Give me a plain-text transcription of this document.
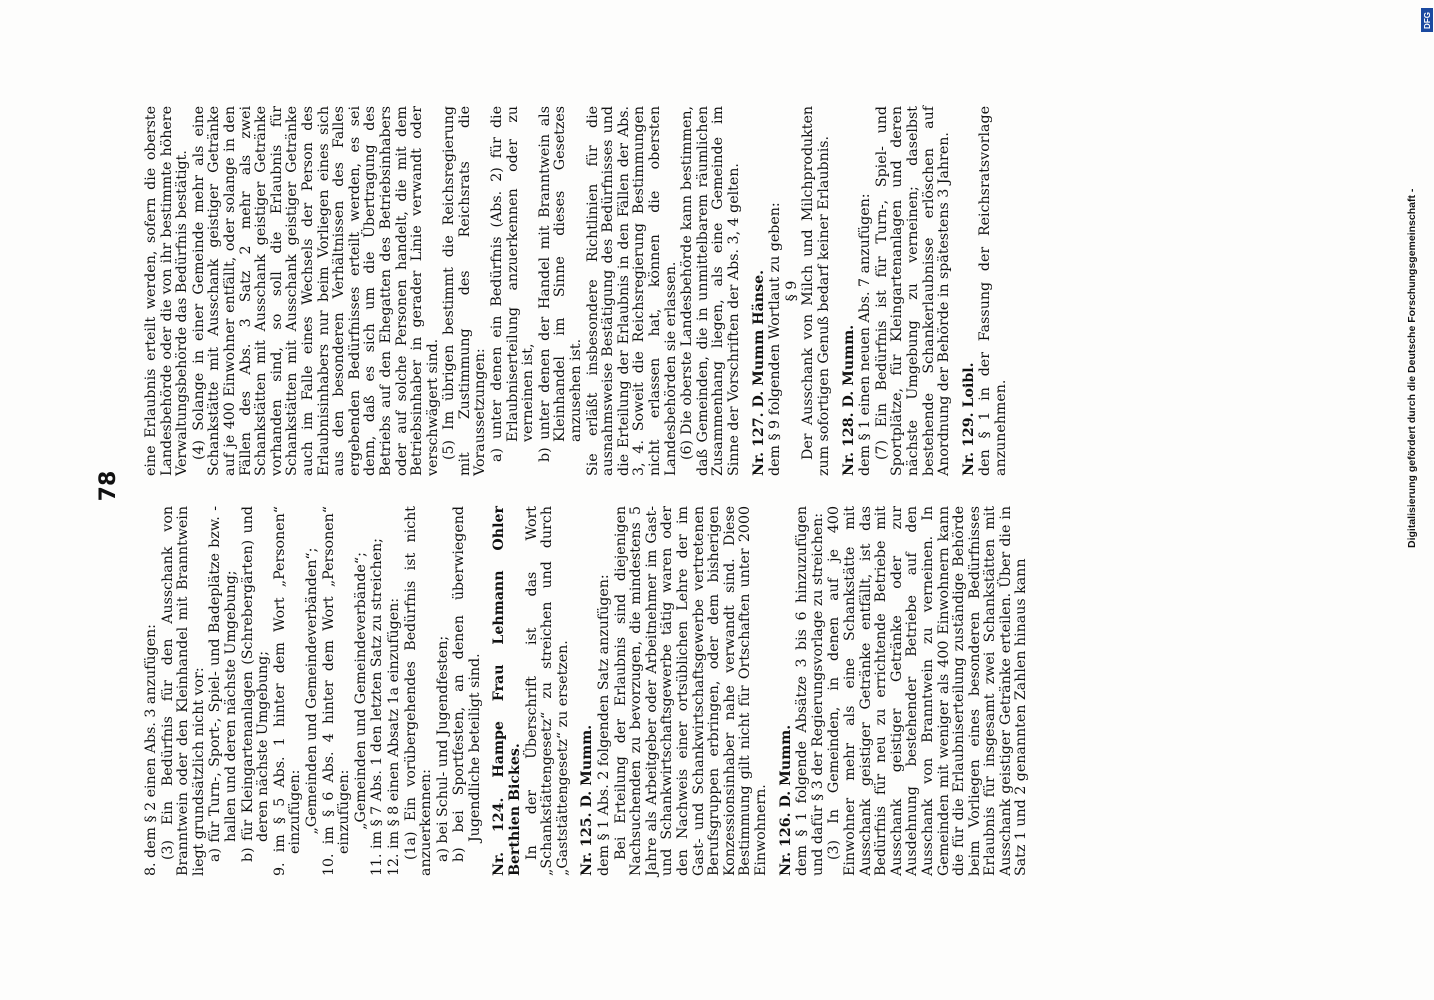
78

8. dem § 2 einen Abs. 3 anzufügen: (3) Ein Bedürfnis für den Ausschank von Branntwein oder den Kleinhandel mit Branntwein liegt grundsätzlich nicht vor: a) für Turn-, Sport-, Spiel- und Badeplätze bzw. -hallen und deren nächste Umgebung; b) für Kleingartenanlagen (Schrebergärten) und deren nächste Umgebung; 9. im § 5 Abs. 1 hinter dem Wort „Personen“ einzufügen: „Gemeinden und Gemeindeverbänden“; 10. im § 6 Abs. 4 hinter dem Wort „Personen“ einzufügen: „Gemeinden und Gemeindeverbände“; 11. im § 7 Abs. 1 den letzten Satz zu streichen; 12. im § 8 einen Absatz 1a einzufügen: (1a) Ein vorübergehendes Bedürfnis ist nicht anzuerkennen: a) bei Schul- und Jugendfesten; b) bei Sportfesten, an denen überwiegend Jugendliche beteiligt sind. Nr. 124. Hampe Frau Lehmann Ohler Berthien Bickes. In der Überschrift ist das Wort „Schankstättengesetz“ zu streichen und durch „Gaststättengesetz“ zu ersetzen. Nr. 125. D. Mumm. dem § 1 Abs. 2 folgenden Satz anzufügen: Bei Erteilung der Erlaubnis sind diejenigen Nachsuchenden zu bevorzugen, die mindestens 5 Jahre als Arbeitgeber oder Arbeitnehmer im Gast- und Schankwirtschaftsgewerbe tätig waren oder den Nachweis einer ortsüblichen Lehre der im Gast- und Schankwirtschaftsgewerbe vertretenen Berufsgruppen erbringen, oder dem bisherigen Konzessionsinhaber nahe verwandt sind. Diese Bestimmung gilt nicht für Ortschaften unter 2000 Einwohnern. Nr. 126. D. Mumm. dem § 1 folgende Absätze 3 bis 6 hinzuzufügen und dafür § 3 der Regierungsvorlage zu streichen: (3) In Gemeinden, in denen auf je 400 Einwohner mehr als eine Schankstätte mit Ausschank geistiger Getränke entfällt, ist das Bedürfnis für neu zu errichtende Betriebe mit Ausschank geistiger Getränke oder zur Ausdehnung bestehender Betriebe auf den Ausschank von Branntwein zu verneinen. In Gemeinden mit weniger als 400 Einwohnern kann die für die Erlaubniserteilung zuständige Behörde beim Vorliegen eines besonderen Bedürfnisses Erlaubnis für insgesamt zwei Schankstätten mit Ausschank geistiger Getränke erteilen. Über die in Satz 1 und 2 genannten Zahlen hinaus kann

eine Erlaubnis erteilt werden, sofern die oberste Landesbehörde oder die von ihr bestimmte höhere Verwaltungsbehörde das Bedürfnis bestätigt. (4) Solange in einer Gemeinde mehr als eine Schankstätte mit Ausschank geistiger Getränke auf je 400 Einwohner entfällt, oder solange in den Fällen des Abs. 3 Satz 2 mehr als zwei Schankstätten mit Ausschank geistiger Getränke vorhanden sind, so soll die Erlaubnis für Schankstätten mit Ausschank geistiger Getränke auch im Falle eines Wechsels der Person des Erlaubnisinhabers nur beim Vorliegen eines sich aus den besonderen Verhältnissen des Falles ergebenden Bedürfnisses erteilt werden, es sei denn, daß es sich um die Übertragung des Betriebs auf den Ehegatten des Betriebsinhabers oder auf solche Personen handelt, die mit dem Betriebsinhaber in gerader Linie verwandt oder verschwägert sind. (5) Im übrigen bestimmt die Reichsregierung mit Zustimmung des Reichsrats die Voraussetzungen: a) unter denen ein Bedürfnis (Abs. 2) für die Erlaubniserteilung anzuerkennen oder zu verneinen ist, b) unter denen der Handel mit Branntwein als Kleinhandel im Sinne dieses Gesetzes anzusehen ist. Sie erläßt insbesondere Richtlinien für die ausnahmsweise Bestätigung des Bedürfnisses und die Erteilung der Erlaubnis in den Fällen der Abs. 3, 4. Soweit die Reichsregierung Bestimmungen nicht erlassen hat, können die obersten Landesbehörden sie erlassen. (6) Die oberste Landesbehörde kann bestimmen, daß Gemeinden, die in unmittelbarem räumlichen Zusammenhang liegen, als eine Gemeinde im Sinne der Vorschriften der Abs. 3, 4 gelten. Nr. 127. D. Mumm Hänse. dem § 9 folgenden Wortlaut zu geben: § 9 Der Ausschank von Milch und Milchprodukten zum sofortigen Genuß bedarf keiner Erlaubnis. Nr. 128. D. Mumm. dem § 1 einen neuen Abs. 7 anzufügen: (7) Ein Bedürfnis ist für Turn-, Spiel- und Sportplätze, für Kleingartenanlagen und deren nächste Umgebung zu verneinen; daselbst bestehende Schankerlaubnisse erlöschen auf Anordnung der Behörde in spätestens 3 Jahren. Nr. 129. Loibl. den § 1 in der Fassung der Reichsratsvorlage anzunehmen.	Digitalisierung gefördert durch die Deutsche Forschungsgemeinschaft -
DFG
